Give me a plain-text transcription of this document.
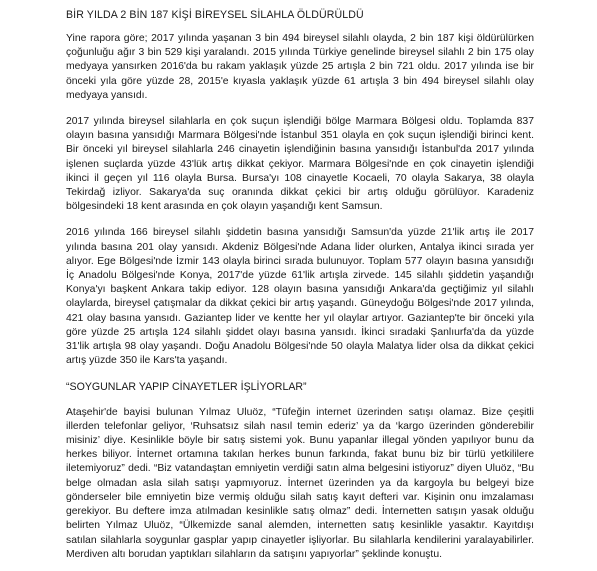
BİR YILDA 2 BİN 187 KİŞİ BİREYSEL SİLAHLA ÖLDÜRÜLDÜ

Yine rapora göre; 2017 yılında yaşanan 3 bin 494 bireysel silahlı olayda, 2 bin 187 kişi öldürülürken çoğunluğu ağır 3 bin 529 kişi yaralandı. 2015 yılında Türkiye genelinde bireysel silahlı 2 bin 175 olay medyaya yansırken 2016'da bu rakam yaklaşık yüzde 25 artışla 2 bin 721 oldu. 2017 yılında ise bir önceki yıla göre yüzde 28, 2015'e kıyasla yaklaşık yüzde 61 artışla 3 bin 494 bireysel silahlı olay medyaya yansıdı.

2017 yılında bireysel silahlarla en çok suçun işlendiği bölge Marmara Bölgesi oldu. Toplamda 837 olayın basına yansıdığı Marmara Bölgesi'nde İstanbul 351 olayla en çok suçun işlendiği birinci kent. Bir önceki yıl bireysel silahlarla 246 cinayetin işlendiğinin basına yansıdığı İstanbul'da 2017 yılında işlenen suçlarda yüzde 43'lük artış dikkat çekiyor. Marmara Bölgesi'nde en çok cinayetin işlendiği ikinci il geçen yıl 116 olayla Bursa. Bursa'yı 108 cinayetle Kocaeli, 70 olayla Sakarya, 38 olayla Tekirdağ izliyor. Sakarya'da suç oranında dikkat çekici bir artış olduğu görülüyor. Karadeniz bölgesindeki 18 kent arasında en çok olayın yaşandığı kent Samsun.

2016 yılında 166 bireysel silahlı şiddetin basına yansıdığı Samsun'da yüzde 21'lik artış ile 2017 yılında basına 201 olay yansıdı. Akdeniz Bölgesi'nde Adana lider olurken, Antalya ikinci sırada yer alıyor. Ege Bölgesi'nde İzmir 143 olayla birinci sırada bulunuyor. Toplam 577 olayın basına yansıdığı İç Anadolu Bölgesi'nde Konya, 2017'de yüzde 61'lik artışla zirvede. 145 silahlı şiddetin yaşandığı Konya'yı başkent Ankara takip ediyor. 128 olayın basına yansıdığı Ankara'da geçtiğimiz yıl silahlı olaylarda, bireysel çatışmalar da dikkat çekici bir artış yaşandı. Güneydoğu Bölgesi'nde 2017 yılında, 421 olay basına yansıdı. Gaziantep lider ve kentte her yıl olaylar artıyor. Gaziantep'te bir önceki yıla göre yüzde 25 artışla 124 silahlı şiddet olayı basına yansıdı. İkinci sıradaki Şanlıurfa'da da yüzde 31'lik artışla 98 olay yaşandı. Doğu Anadolu Bölgesi'nde 50 olayla Malatya lider olsa da dikkat çekici artış yüzde 350 ile Kars'ta yaşandı.

“SOYGUNLAR YAPIP CİNAYETLER İŞLİYORLAR”

Ataşehir'de bayisi bulunan Yılmaz Uluöz, “Tüfeğin internet üzerinden satışı olamaz. Bize çeşitli illerden telefonlar geliyor, ‘Ruhsatsız silah nasıl temin ederiz’ ya da ‘kargo üzerinden gönderebilir misiniz’ diye. Kesinlikle böyle bir satış sistemi yok. Bunu yapanlar illegal yönden yapılıyor bunu da herkes biliyor. İnternet ortamına takılan herkes bunun farkında, fakat bunu biz bir türlü yetkililere iletemiyoruz” dedi. “Biz vatandaştan emniyetin verdiği satın alma belgesini istiyoruz” diyen Uluöz, “Bu belge olmadan asla silah satışı yapmıyoruz. İnternet üzerinden ya da kargoyla bu belgeyi bize gönderseler bile emniyetin bize vermiş olduğu silah satış kayıt defteri var. Kişinin onu imzalaması gerekiyor. Bu deftere imza atılmadan kesinlikle satış olmaz” dedi. İnternetten satışın yasak olduğu belirten Yılmaz Uluöz, “Ülkemizde sanal alemden, internetten satış kesinlikle yasaktır. Kayıtdışı satılan silahlarla soygunlar gasplar yapıp cinayetler işliyorlar. Bu silahlarla kendilerini yaralayabilirler. Merdiven altı borudan yaptıkları silahların da satışını yapıyorlar” şeklinde konuştu.
